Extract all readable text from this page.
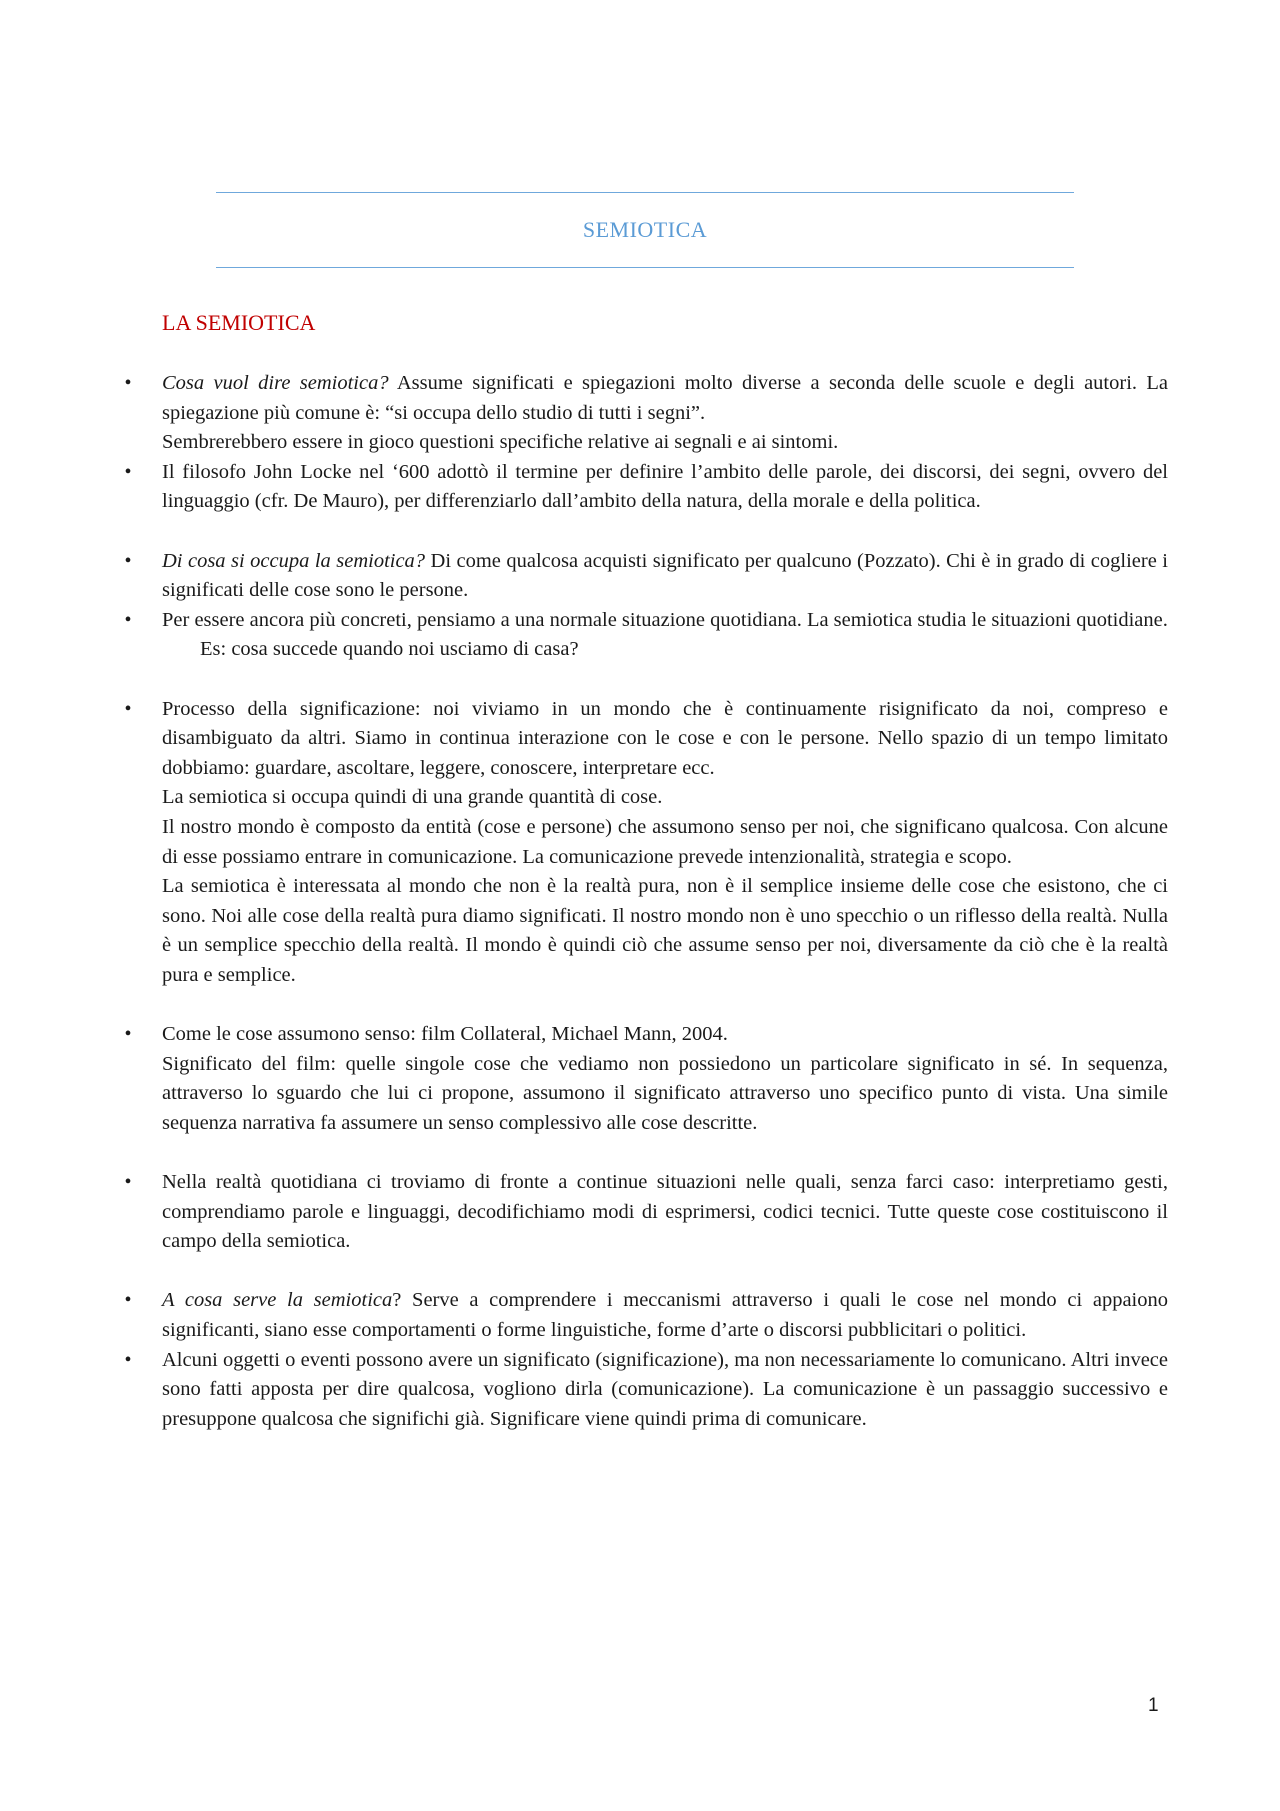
SEMIOTICA
LA SEMIOTICA
• Cosa vuol dire semiotica? Assume significati e spiegazioni molto diverse a seconda delle scuole e degli autori. La spiegazione più comune è: “si occupa dello studio di tutti i segni”.
Sembrerebbero essere in gioco questioni specifiche relative ai segnali e ai sintomi.
• Il filosofo John Locke nel ‘600 adottò il termine per definire l’ambito delle parole, dei discorsi, dei segni, ovvero del linguaggio (cfr. De Mauro), per differenziarlo dall’ambito della natura, della morale e della politica.
• Di cosa si occupa la semiotica? Di come qualcosa acquisti significato per qualcuno (Pozzato). Chi è in grado di cogliere i significati delle cose sono le persone.
• Per essere ancora più concreti, pensiamo a una normale situazione quotidiana. La semiotica studia le situazioni quotidiane.
Es: cosa succede quando noi usciamo di casa?
• Processo della significazione: noi viviamo in un mondo che è continuamente risignificato da noi, compreso e disambiguato da altri. Siamo in continua interazione con le cose e con le persone. Nello spazio di un tempo limitato dobbiamo: guardare, ascoltare, leggere, conoscere, interpretare ecc.
La semiotica si occupa quindi di una grande quantità di cose.
Il nostro mondo è composto da entità (cose e persone) che assumono senso per noi, che significano qualcosa. Con alcune di esse possiamo entrare in comunicazione. La comunicazione prevede intenzionalità, strategia e scopo.
La semiotica è interessata al mondo che non è la realtà pura, non è il semplice insieme delle cose che esistono, che ci sono. Noi alle cose della realtà pura diamo significati. Il nostro mondo non è uno specchio o un riflesso della realtà. Nulla è un semplice specchio della realtà. Il mondo è quindi ciò che assume senso per noi, diversamente da ciò che è la realtà pura e semplice.
• Come le cose assumono senso: film Collateral, Michael Mann, 2004.
Significato del film: quelle singole cose che vediamo non possiedono un particolare significato in sé. In sequenza, attraverso lo sguardo che lui ci propone, assumono il significato attraverso uno specifico punto di vista. Una simile sequenza narrativa fa assumere un senso complessivo alle cose descritte.
• Nella realtà quotidiana ci troviamo di fronte a continue situazioni nelle quali, senza farci caso: interpretiamo gesti, comprendiamo parole e linguaggi, decodifichiamo modi di esprimersi, codici tecnici. Tutte queste cose costituiscono il campo della semiotica.
• A cosa serve la semiotica? Serve a comprendere i meccanismi attraverso i quali le cose nel mondo ci appaiono significanti, siano esse comportamenti o forme linguistiche, forme d’arte o discorsi pubblicitari o politici.
• Alcuni oggetti o eventi possono avere un significato (significazione), ma non necessariamente lo comunicano. Altri invece sono fatti apposta per dire qualcosa, vogliono dirla (comunicazione). La comunicazione è un passaggio successivo e presuppone qualcosa che significhi già. Significare viene quindi prima di comunicare.
1
